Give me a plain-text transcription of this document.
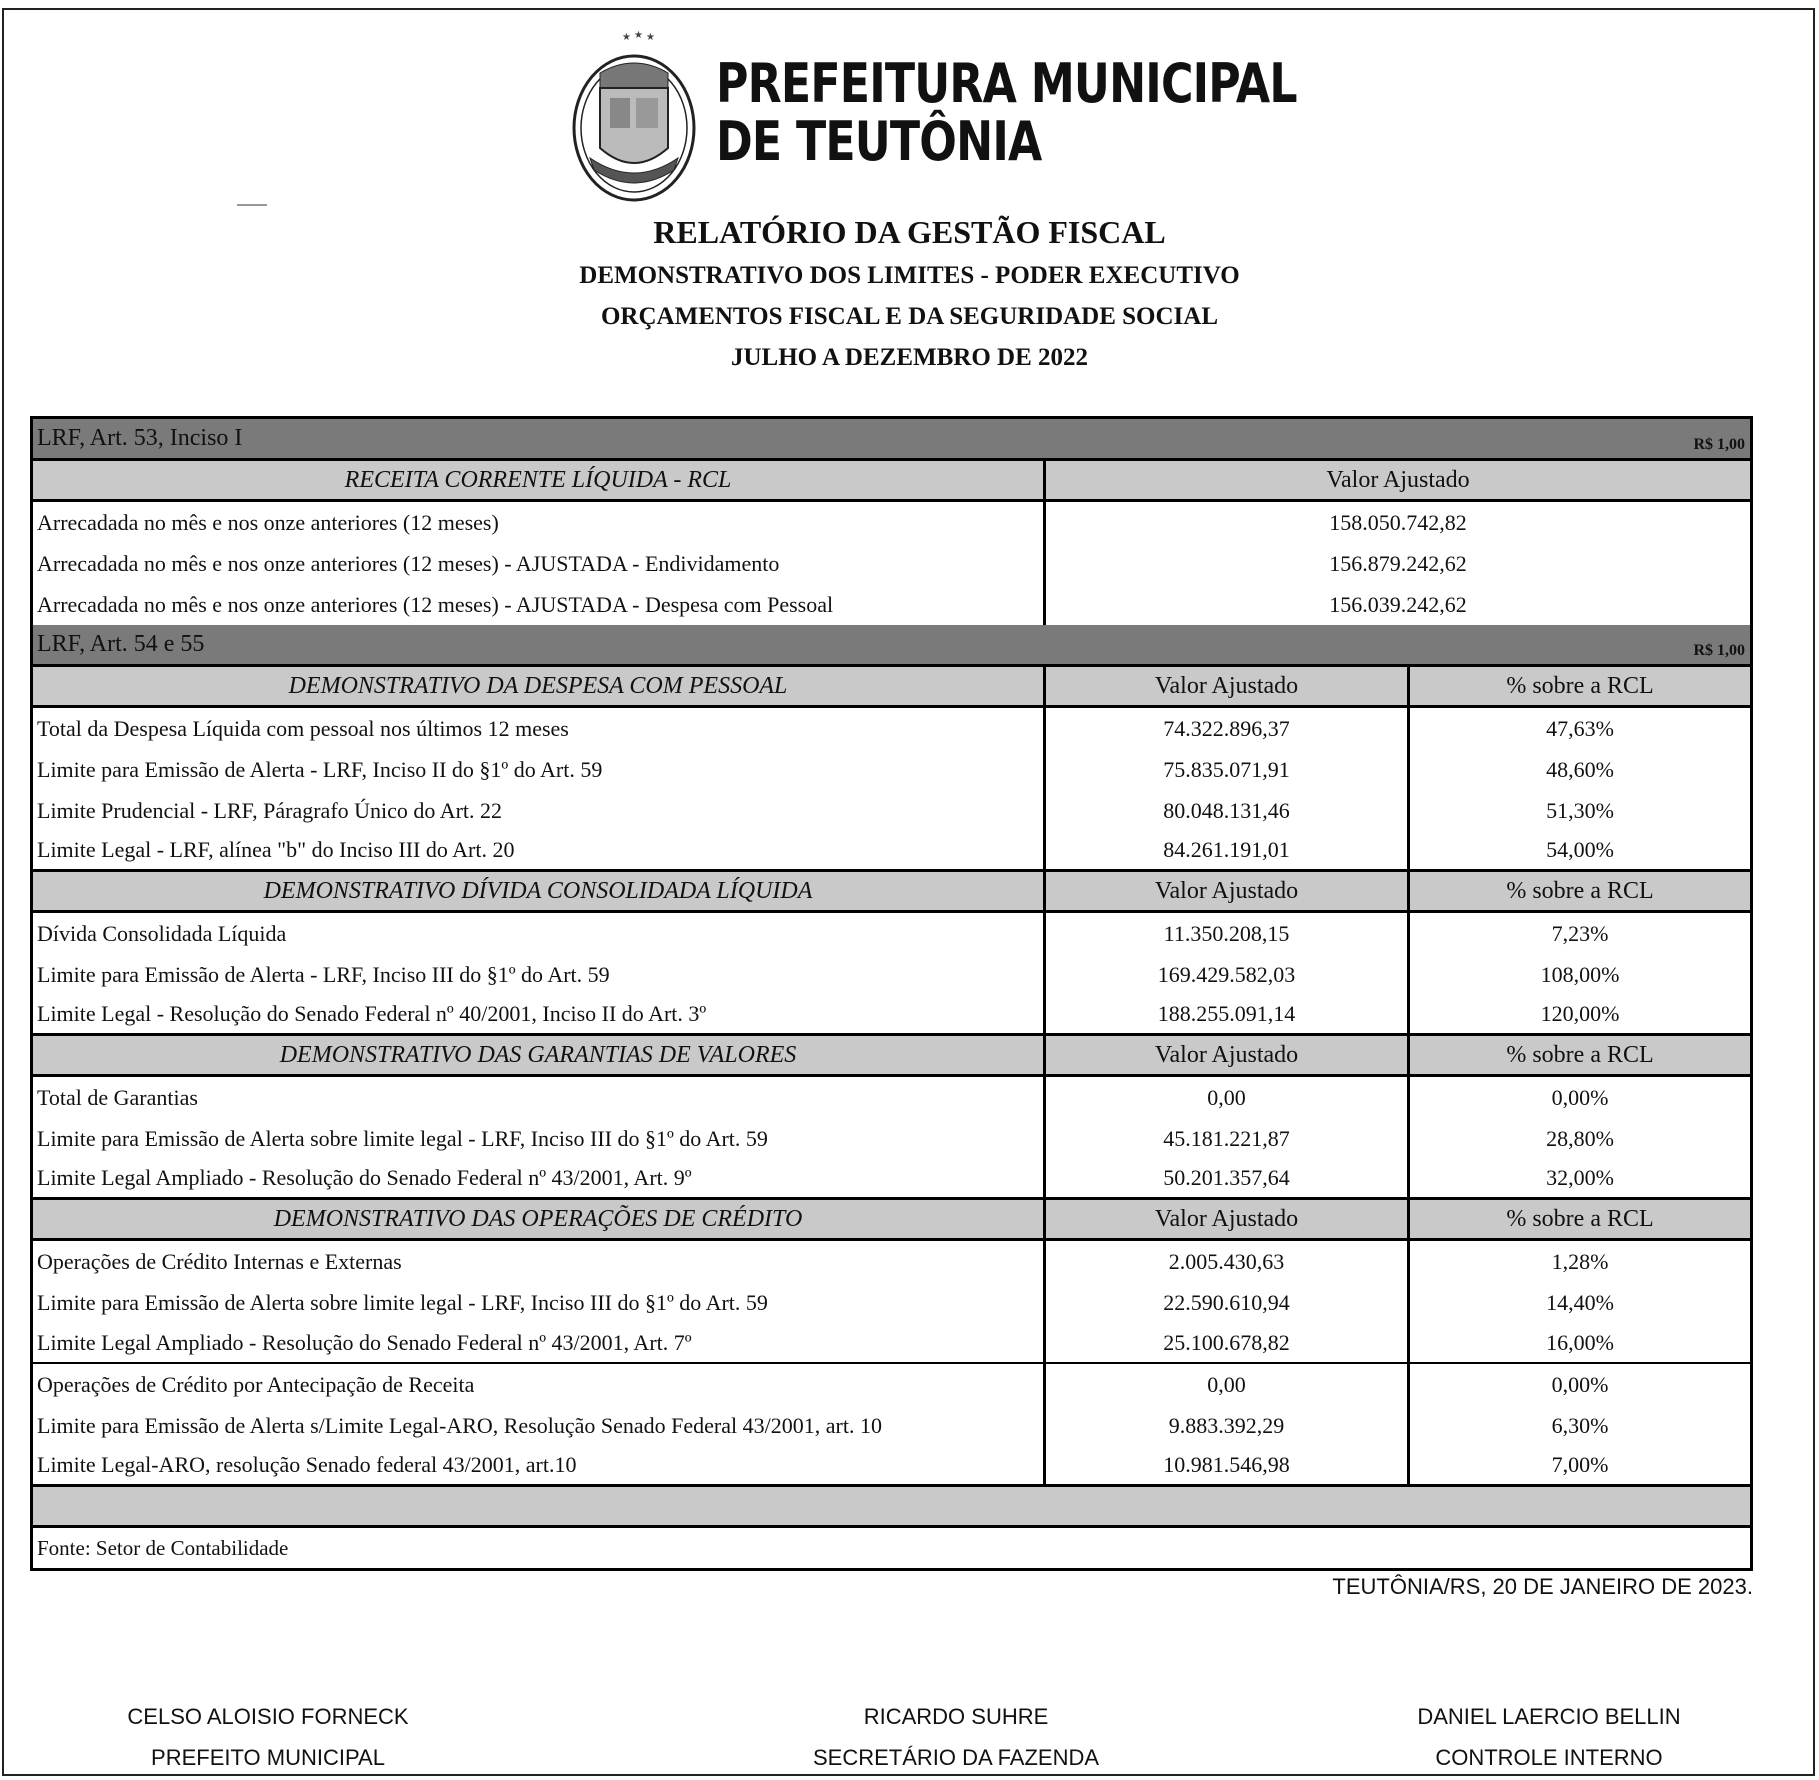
★ ★ ★
PREFEITURA MUNICIPAL
DE TEUTÔNIA
RELATÓRIO DA GESTÃO FISCAL
DEMONSTRATIVO DOS LIMITES - PODER EXECUTIVO
ORÇAMENTOS FISCAL E DA SEGURIDADE SOCIAL
JULHO A DEZEMBRO DE 2022
LRF, Art. 53, Inciso I	R$ 1,00
RECEITA CORRENTE LÍQUIDA - RCL	Valor Ajustado
Arrecadada no mês e nos onze anteriores (12 meses)	158.050.742,82
Arrecadada no mês e nos onze anteriores (12 meses) - AJUSTADA - Endividamento	156.879.242,62
Arrecadada no mês e nos onze anteriores (12 meses) - AJUSTADA - Despesa com Pessoal	156.039.242,62
LRF, Art. 54 e 55	R$ 1,00
DEMONSTRATIVO DA DESPESA COM PESSOAL	Valor Ajustado	% sobre a RCL
Total da Despesa Líquida com pessoal nos últimos 12 meses	74.322.896,37	47,63%
Limite para Emissão de Alerta - LRF, Inciso II do §1º do Art. 59	75.835.071,91	48,60%
Limite Prudencial - LRF, Páragrafo Único do Art. 22	80.048.131,46	51,30%
Limite Legal - LRF, alínea "b" do Inciso III do Art. 20	84.261.191,01	54,00%
DEMONSTRATIVO DÍVIDA CONSOLIDADA LÍQUIDA	Valor Ajustado	% sobre a RCL
Dívida Consolidada Líquida	11.350.208,15	7,23%
Limite para Emissão de Alerta - LRF, Inciso III do §1º do Art. 59	169.429.582,03	108,00%
Limite Legal - Resolução do Senado Federal nº 40/2001, Inciso II do Art. 3º	188.255.091,14	120,00%
DEMONSTRATIVO DAS GARANTIAS DE VALORES	Valor Ajustado	% sobre a RCL
Total de Garantias	0,00	0,00%
Limite para Emissão de Alerta sobre limite legal - LRF, Inciso III do §1º do Art. 59	45.181.221,87	28,80%
Limite Legal Ampliado - Resolução do Senado Federal nº 43/2001, Art. 9º	50.201.357,64	32,00%
DEMONSTRATIVO DAS OPERAÇÕES DE CRÉDITO	Valor Ajustado	% sobre a RCL
Operações de Crédito Internas e Externas	2.005.430,63	1,28%
Limite para Emissão de Alerta sobre limite legal - LRF, Inciso III do §1º do Art. 59	22.590.610,94	14,40%
Limite Legal Ampliado - Resolução do Senado Federal nº 43/2001, Art. 7º	25.100.678,82	16,00%
Operações de Crédito por Antecipação de Receita	0,00	0,00%
Limite para Emissão de Alerta s/Limite Legal-ARO, Resolução Senado Federal 43/2001, art. 10	9.883.392,29	6,30%
Limite Legal-ARO, resolução Senado federal 43/2001, art.10	10.981.546,98	7,00%
Fonte: Setor de Contabilidade
TEUTÔNIA/RS, 20 DE JANEIRO DE 2023.
CELSO ALOISIO FORNECK
PREFEITO MUNICIPAL
RICARDO SUHRE
SECRETÁRIO DA FAZENDA
DANIEL LAERCIO BELLIN
CONTROLE INTERNO
